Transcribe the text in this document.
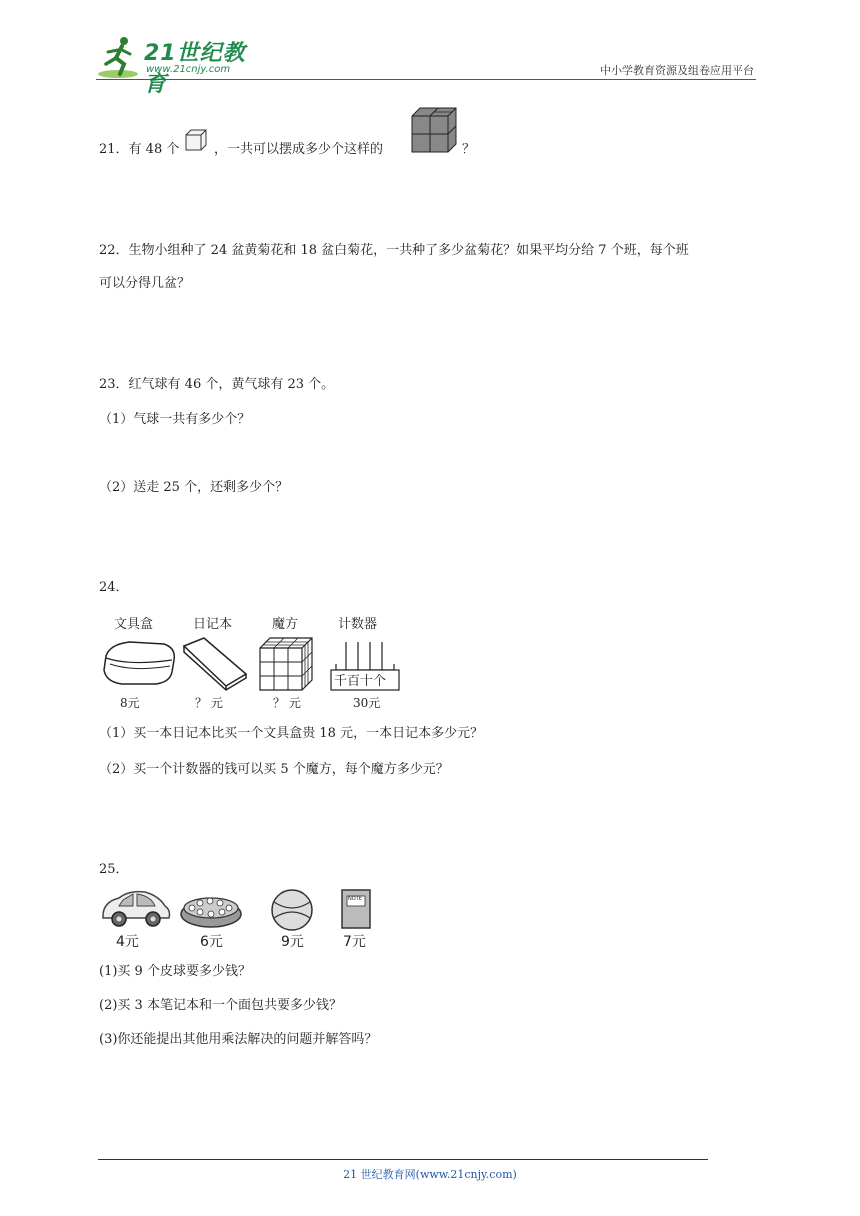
21世纪教育
www.21cnjy.com	中小学教育资源及组卷应用平台
21．有 48 个	，一共可以摆成多少个这样的	？
22．生物小组种了 24 盆黄菊花和 18 盆白菊花，一共种了多少盆菊花？如果平均分给 7 个班，每个班
可以分得几盆？
23．红气球有 46 个，黄气球有 23 个。
（1）气球一共有多少个？
（2）送走 25 个，还剩多少个？
24．
文具盒	日记本	魔方	计数器
千百十个
8元	？ 元	？ 元	30元
（1）买一本日记本比买一个文具盒贵 18 元，一本日记本多少元？
（2）买一个计数器的钱可以买 5 个魔方，每个魔方多少元？
25．
NOTE
4元	6元	9元	7元
(1)买 9 个皮球要多少钱？
(2)买 3 本笔记本和一个面包共要多少钱？
(3)你还能提出其他用乘法解决的问题并解答吗？
21 世纪教育网(www.21cnjy.com)
